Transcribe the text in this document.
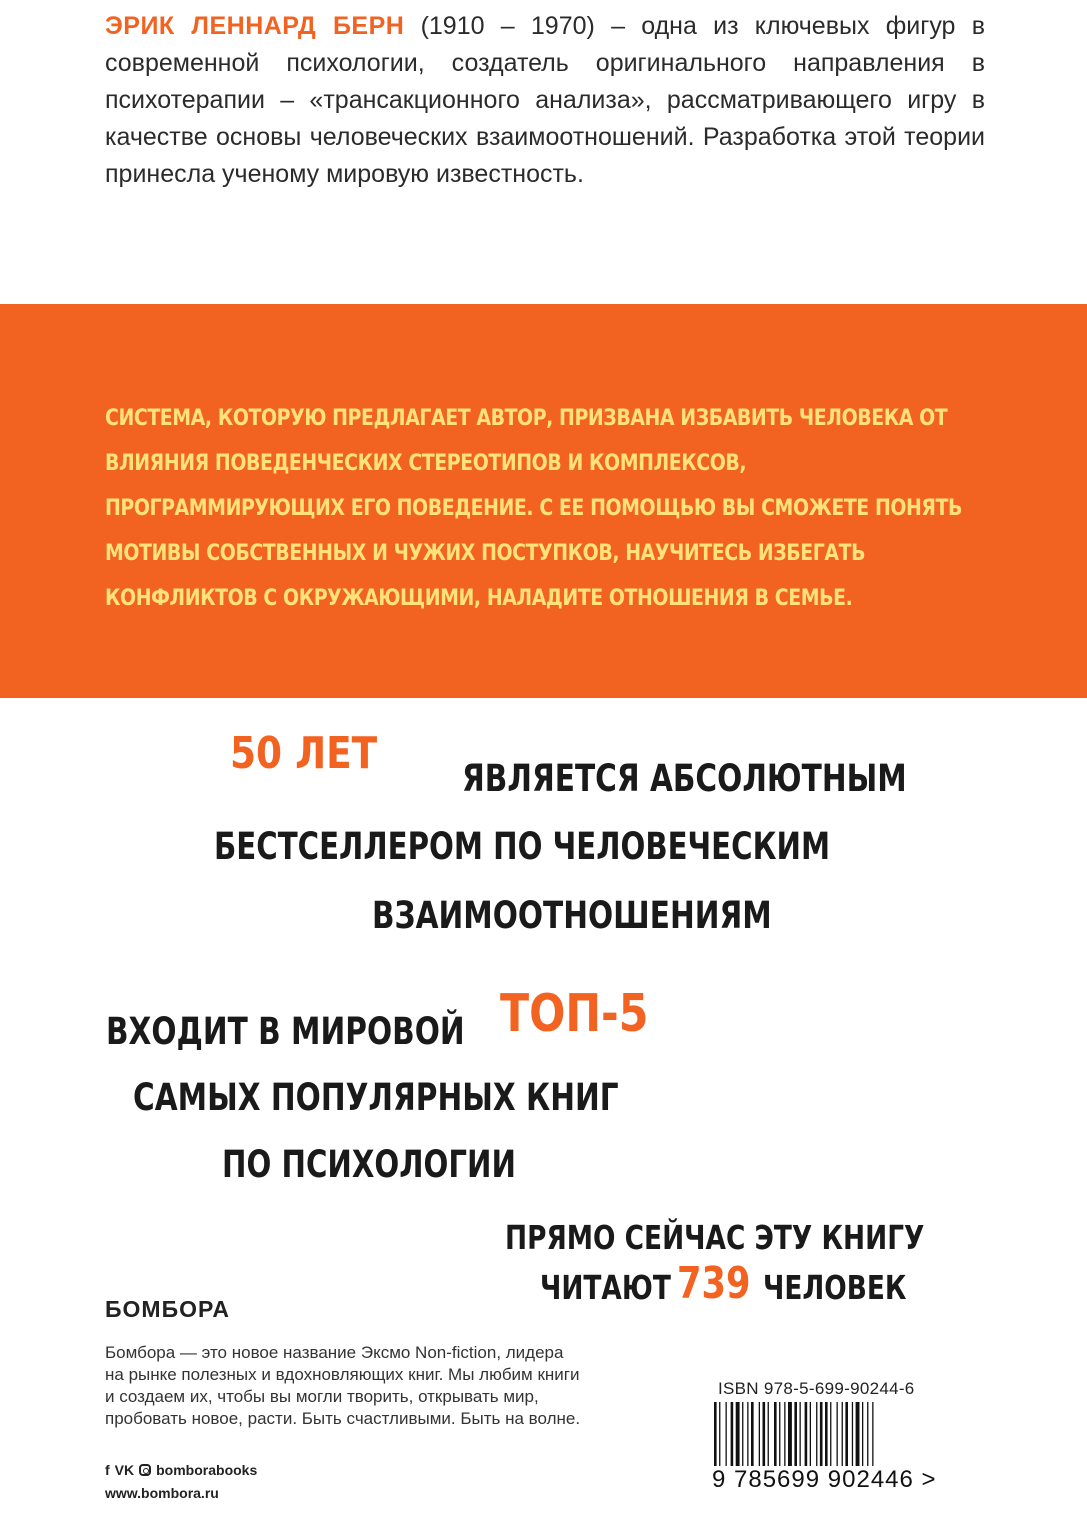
ЭРИК ЛЕННАРД БЕРН (1910 – 1970) – одна из ключевых фигур в современной психологии, создатель оригинального направления в психотерапии – «трансакционного анализа», рассматривающего игру в качестве основы человеческих взаимоотношений. Разработка этой теории принесла ученому мировую известность.
СИСТЕМА, КОТОРУЮ ПРЕДЛАГАЕТ АВТОР, ПРИЗВАНА ИЗБАВИТЬ ЧЕЛОВЕКА ОТ ВЛИЯНИЯ ПОВЕДЕНЧЕСКИХ СТЕРЕОТИПОВ И КОМПЛЕКСОВ, ПРОГРАММИРУЮЩИХ ЕГО ПОВЕДЕНИЕ. С ЕЕ ПОМОЩЬЮ ВЫ СМОЖЕТЕ ПОНЯТЬ МОТИВЫ СОБСТВЕННЫХ И ЧУЖИХ ПОСТУПКОВ, НАУЧИТЕСЬ ИЗБЕГАТЬ КОНФЛИКТОВ С ОКРУЖАЮЩИМИ, НАЛАДИТЕ ОТНОШЕНИЯ В СЕМЬЕ.
50 ЛЕТ ЯВЛЯЕТСЯ АБСОЛЮТНЫМ
БЕСТСЕЛЛЕРОМ ПО ЧЕЛОВЕЧЕСКИМ
ВЗАИМООТНОШЕНИЯМ
ВХОДИТ В МИРОВОЙ ТОП-5
САМЫХ ПОПУЛЯРНЫХ КНИГ
ПО ПСИХОЛОГИИ
ПРЯМО СЕЙЧАС ЭТУ КНИГУ
ЧИТАЮТ 739 ЧЕЛОВЕК
БОМБОРА
Бомбора — это новое название Эксмо Non-fiction, лидера на рынке полезных и вдохновляющих книг. Мы любим книги и создаем их, чтобы вы могли творить, открывать мир, пробовать новое, расти. Быть счастливыми. Быть на волне.
f VK bomborabooks
www.bombora.ru
ISBN 978-5-699-90244-6
9 785699 902446 >
